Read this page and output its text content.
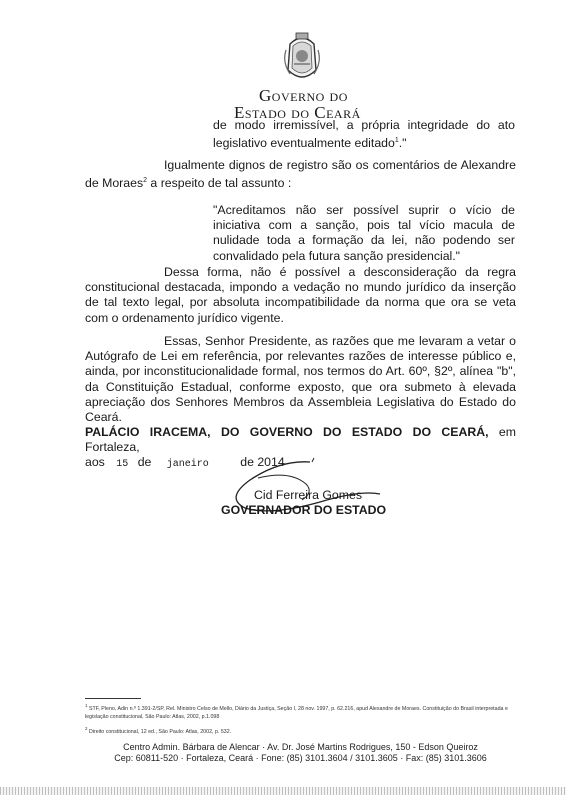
Governo do
Estado do Ceará
de modo irremissível, a própria integridade do ato legislativo eventualmente editado$^1$."
Igualmente dignos de registro são os comentários de Alexandre de Moraes$^2$ a respeito de tal assunto :
"Acreditamos não ser possível suprir o vício de iniciativa com a sanção, pois tal vício macula de nulidade toda a formação da lei, não podendo ser convalidado pela futura sanção presidencial."
Dessa forma, não é possível a desconsideração da regra constitucional destacada, impondo a vedação no mundo jurídico da inserção de tal texto legal, por absoluta incompatibilidade da norma que ora se veta com o ordenamento jurídico vigente.
Essas, Senhor Presidente, as razões que me levaram a vetar o Autógrafo de Lei em referência, por relevantes razões de interesse público e, ainda, por inconstitucionalidade formal, nos termos do Art. 60º, §2º, alínea "b", da Constituição Estadual, conforme exposto, que ora submeto à elevada apreciação dos Senhores Membros da Assembleia Legislativa do Estado do Ceará.
PALÁCIO IRACEMA, DO GOVERNO DO ESTADO DO CEARÁ, em Fortaleza,
aos 15 de janeiro	de 2014
Cid Ferreira Gomes
GOVERNADOR DO ESTADO
$^1$ STF, Pleno, Adin n.º 1.391-2/SP, Rel. Ministro Celso de Mello, Diário da Justiça, Seção I, 28 nov. 1997, p. 62.216, apud Alexandre de Moraes. Constituição do Brasil interpretada e legislação constitucional, São Paulo: Atlas, 2002, p.1.098
$^2$ Direito constitucional, 12 ed., São Paulo: Atlas, 2002, p. 532.
Centro Admin. Bárbara de Alencar · Av. Dr. José Martins Rodrigues, 150 - Edson Queiroz
Cep: 60811-520 · Fortaleza, Ceará · Fone: (85) 3101.3604 / 3101.3605 · Fax: (85) 3101.3606
